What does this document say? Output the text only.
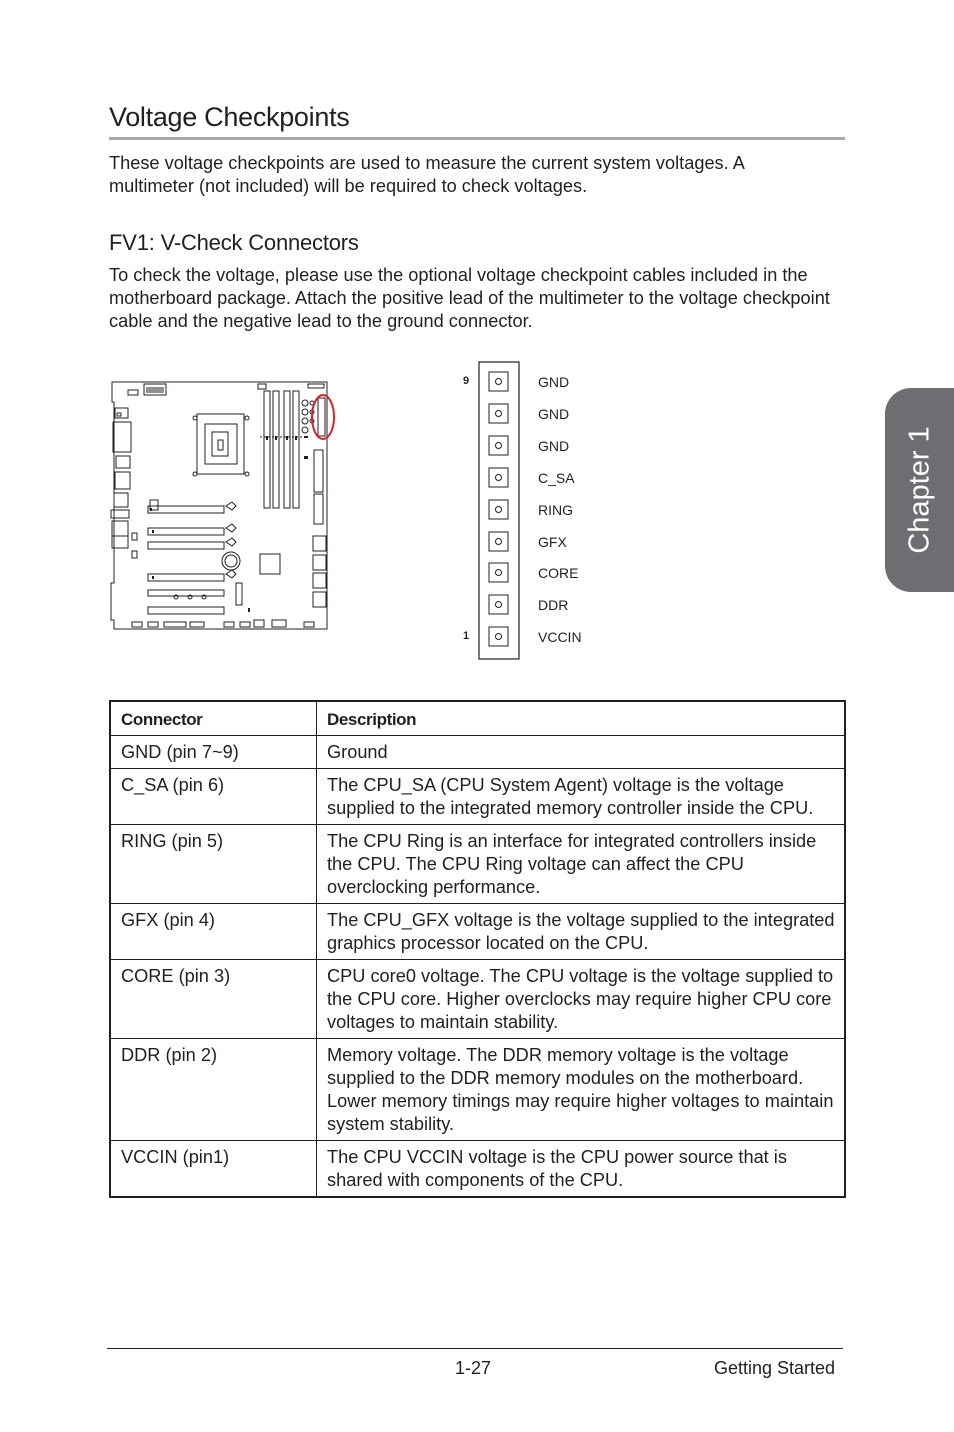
Voltage Checkpoints
These voltage checkpoints are used to measure the current system voltages. A multimeter (not included) will be required to check voltages.
FV1: V-Check Connectors
To check the voltage, please use the optional voltage checkpoint cables included in the motherboard package. Attach the positive lead of the multimeter to the voltage checkpoint cable and the negative lead to the ground connector.
Chapter 1
9
1
GND
GND
GND
C_SA
RING
GFX
CORE
DDR
VCCIN
Connector	Description
GND (pin 7~9)	Ground
C_SA (pin 6)	The CPU_SA (CPU System Agent) voltage is the voltage supplied to the integrated memory controller inside the CPU.
RING (pin 5)	The CPU Ring is an interface for integrated controllers inside the CPU. The CPU Ring voltage can affect the CPU overclocking performance.
GFX (pin 4)	The CPU_GFX voltage is the voltage supplied to the integrated graphics processor located on the CPU.
CORE (pin 3)	CPU core0 voltage. The CPU voltage is the voltage supplied to the CPU core. Higher overclocks may require higher CPU core voltages to maintain stability.
DDR (pin 2)	Memory voltage. The DDR memory voltage is the voltage supplied to the DDR memory modules on the motherboard. Lower memory timings may require higher voltages to maintain system stability.
VCCIN (pin1)	The CPU VCCIN voltage is the CPU power source that is shared with components of the CPU.
1-27	Getting Started
